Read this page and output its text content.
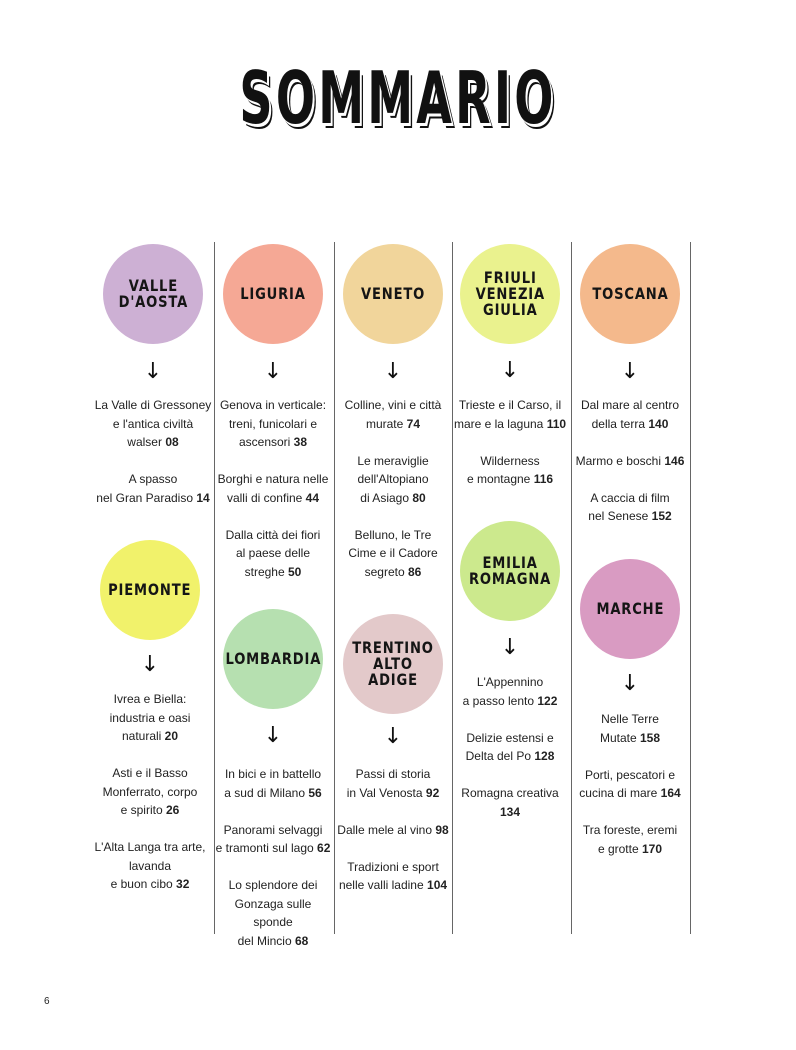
SOMMARIO
VALLE
D'AOSTA
↓
La Valle di Gressoney
e l'antica civiltà
walser 08
A spasso
nel Gran Paradiso 14
PIEMONTE
↓
Ivrea e Biella:
industria e oasi
naturali 20
Asti e il Basso
Monferrato, corpo
e spirito 26
L'Alta Langa tra arte,
lavanda
e buon cibo 32
LIGURIA
↓
Genova in verticale:
treni, funicolari e
ascensori 38
Borghi e natura nelle
valli di confine 44
Dalla città dei fiori
al paese delle
streghe 50
LOMBARDIA
↓
In bici e in battello
a sud di Milano 56
Panorami selvaggi
e tramonti sul lago 62
Lo splendore dei
Gonzaga sulle sponde
del Mincio 68
VENETO
↓
Colline, vini e città
murate 74
Le meraviglie
dell'Altopiano
di Asiago 80
Belluno, le Tre
Cime e il Cadore
segreto 86
TRENTINO
ALTO ADIGE
↓
Passi di storia
in Val Venosta 92
Dalle mele al vino 98
Tradizioni e sport
nelle valli ladine 104
FRIULI
VENEZIA
GIULIA
↓
Trieste e il Carso, il
mare e la laguna 110
Wilderness
e montagne 116
EMILIA
ROMAGNA
↓
L'Appennino
a passo lento 122
Delizie estensi e
Delta del Po 128
Romagna creativa
134
TOSCANA
↓
Dal mare al centro
della terra 140
Marmo e boschi 146
A caccia di film
nel Senese 152
MARCHE
↓
Nelle Terre
Mutate 158
Porti, pescatori e
cucina di mare 164
Tra foreste, eremi
e grotte 170
6
